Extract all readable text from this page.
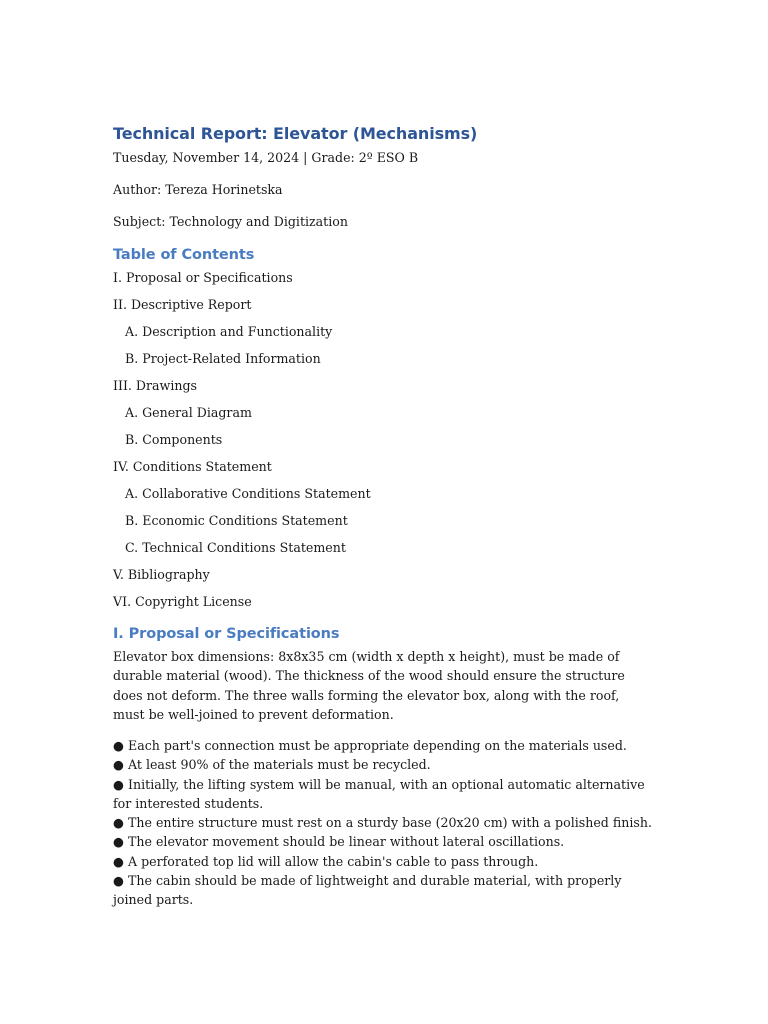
Technical Report: Elevator (Mechanisms)
Tuesday, November 14, 2024 | Grade: 2º ESO B
Author: Tereza Horinetska
Subject: Technology and Digitization
Table of Contents
I. Proposal or Specifications
II. Descriptive Report
A. Description and Functionality
B. Project-Related Information
III. Drawings
A. General Diagram
B. Components
IV. Conditions Statement
A. Collaborative Conditions Statement
B. Economic Conditions Statement
C. Technical Conditions Statement
V. Bibliography
VI. Copyright License
I. Proposal or Specifications

Elevator box dimensions: 8x8x35 cm (width x depth x height), must be made of durable material (wood). The thickness of the wood should ensure the structure does not deform. The three walls forming the elevator box, along with the roof, must be well-joined to prevent deformation.

● Each part's connection must be appropriate depending on the materials used.
● At least 90% of the materials must be recycled.
● Initially, the lifting system will be manual, with an optional automatic alternative for interested students.
● The entire structure must rest on a sturdy base (20x20 cm) with a polished finish.
● The elevator movement should be linear without lateral oscillations.
● A perforated top lid will allow the cabin's cable to pass through.
● The cabin should be made of lightweight and durable material, with properly joined parts.
